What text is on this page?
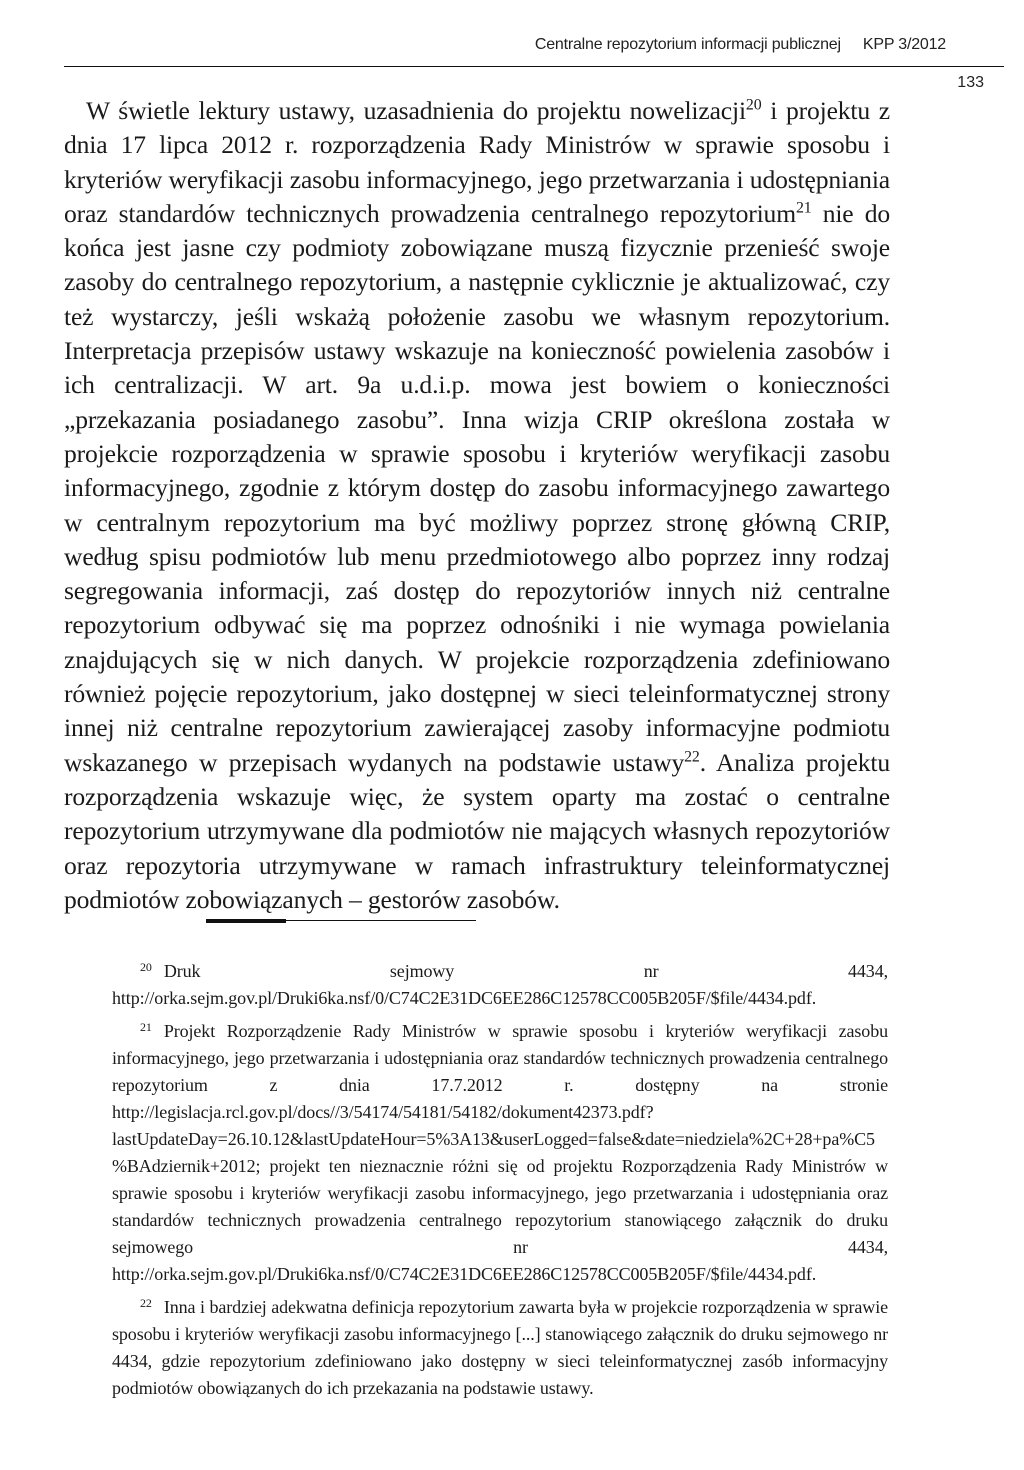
Centralne repozytorium informacji publicznej KPP 3/2012
133

W świetle lektury ustawy, uzasadnienia do projektu nowelizacji$^{20}$ i projektu z dnia 17 lipca 2012 r. rozporządzenia Rady Ministrów w sprawie sposobu i kryteriów weryfikacji zasobu informacyjnego, jego przetwarzania i udostępniania oraz standardów technicznych prowadzenia centralnego repozytorium$^{21}$ nie do końca jest jasne czy podmioty zobowiązane muszą fizycznie przenieść swoje zasoby do centralnego repozytorium, a następnie cyklicznie je aktualizować, czy też wystarczy, jeśli wskażą położenie zasobu we własnym repozytorium. Interpretacja przepisów ustawy wskazuje na konieczność powielenia zasobów i ich centralizacji. W art. 9a u.d.i.p. mowa jest bowiem o konieczności „przekazania posiadanego zasobu”. Inna wizja CRIP określona została w projekcie rozporządzenia w sprawie sposobu i kryteriów weryfikacji zasobu informacyjnego, zgodnie z którym dostęp do zasobu informacyjnego zawartego w centralnym repozytorium ma być możliwy poprzez stronę główną CRIP, według spisu podmiotów lub menu przedmiotowego albo poprzez inny rodzaj segregowania informacji, zaś dostęp do repozytoriów innych niż centralne repozytorium odbywać się ma poprzez odnośniki i nie wymaga powielania znajdujących się w nich danych. W projekcie rozporządzenia zdefiniowano również pojęcie repozytorium, jako dostępnej w sieci teleinformatycznej strony innej niż centralne repozytorium zawierającej zasoby informacyjne podmiotu wskazanego w przepisach wydanych na podstawie ustawy$^{22}$. Analiza projektu rozporządzenia wskazuje więc, że system oparty ma zostać o centralne repozytorium utrzymywane dla podmiotów nie mających własnych repozytoriów oraz repozytoria utrzymywane w ramach infrastruktury teleinformatycznej podmiotów zobowiązanych – gestorów zasobów.

$^{20}$ Druk sejmowy nr 4434, http://orka.sejm.gov.pl/Druki6ka.nsf/0/C74C2E31DC6EE286C12578CC005B205F/$file/4434.pdf.

$^{21}$ Projekt Rozporządzenie Rady Ministrów w sprawie sposobu i kryteriów weryfikacji zasobu informacyjnego, jego przetwarzania i udostępniania oraz standardów technicznych prowadzenia centralnego repozytorium z dnia 17.7.2012 r. dostępny na stronie http://legislacja.rcl.gov.pl/docs//3/54174/54181/54182/dokument42373.pdf?lastUpdateDay=26.10.12&lastUpdateHour=5%3A13&userLogged=false&date=niedziela%2C+28+pa%C5%BAdziernik+2012; projekt ten nieznacznie różni się od projektu Rozporządzenia Rady Ministrów w sprawie sposobu i kryteriów weryfikacji zasobu informacyjnego, jego przetwarzania i udostępniania oraz standardów technicznych prowadzenia centralnego repozytorium stanowiącego załącznik do druku sejmowego nr 4434, http://orka.sejm.gov.pl/Druki6ka.nsf/0/C74C2E31DC6EE286C12578CC005B205F/$file/4434.pdf.

$^{22}$ Inna i bardziej adekwatna definicja repozytorium zawarta była w projekcie rozporządzenia w sprawie sposobu i kryteriów weryfikacji zasobu informacyjnego [...] stanowiącego załącznik do druku sejmowego nr 4434, gdzie repozytorium zdefiniowano jako dostępny w sieci teleinformatycznej zasób informacyjny podmiotów obowiązanych do ich przekazania na podstawie ustawy.
